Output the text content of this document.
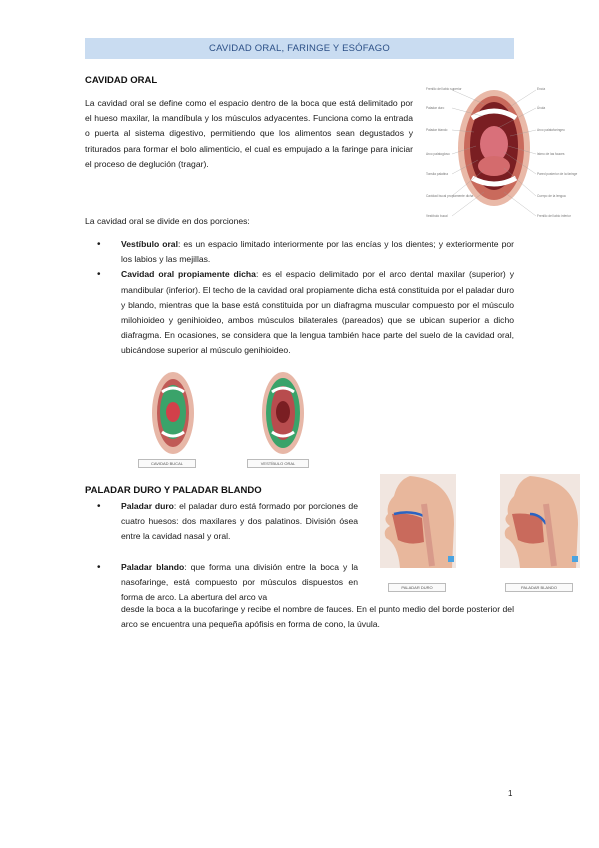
CAVIDAD ORAL, FARINGE Y ESÓFAGO
CAVIDAD ORAL
La cavidad oral se define como el espacio dentro de la boca que está delimitado por el hueso maxilar, la mandíbula y los músculos adyacentes. Funciona como la entrada o puerta al sistema digestivo, permitiendo que los alimentos sean degustados y triturados para formar el bolo alimenticio, el cual es empujado a la faringe para iniciar el proceso de deglución (tragar).
Frenillo del labio superior
Paladar duro
Paladar blando
Arco palatogloso
Tonsila palatina
Cavidad bucal propiamente dicha
Vestíbulo bucal
Encía
Úvula
Arco palatofaríngeo
Istmo de las fauces
Pared posterior de la faringe
Cuerpo de la lengua
Frenillo del labio inferior
La cavidad oral se divide en dos porciones:
• Vestíbulo oral: es un espacio limitado interiormente por las encías y los dientes; y exteriormente por los labios y las mejillas.
• Cavidad oral propiamente dicha: es el espacio delimitado por el arco dental maxilar (superior) y mandibular (inferior). El techo de la cavidad oral propiamente dicha está constituida por el paladar duro y blando, mientras que la base está constituida por un diafragma muscular compuesto por el músculo milohioideo y genihioideo, ambos músculos bilaterales (pareados) que se ubican superior a dicho diafragma. En ocasiones, se considera que la lengua también hace parte del suelo de la cavidad oral, ubicándose superior al músculo genihioideo.
CAVIDAD BUCAL	VESTÍBULO ORAL
PALADAR DURO Y PALADAR BLANDO
• Paladar duro: el paladar duro está formado por porciones de cuatro huesos: dos maxilares y dos palatinos. División ósea entre la cavidad nasal y oral.
• Paladar blando: que forma una división entre la boca y la nasofaringe, está compuesto por músculos dispuestos en forma de arco. La abertura del arco va
desde la boca a la bucofaringe y recibe el nombre de fauces. En el punto medio del borde posterior del arco se encuentra una pequeña apófisis en forma de cono, la úvula.
PALADAR DURO	PALADAR BLANDO
1
